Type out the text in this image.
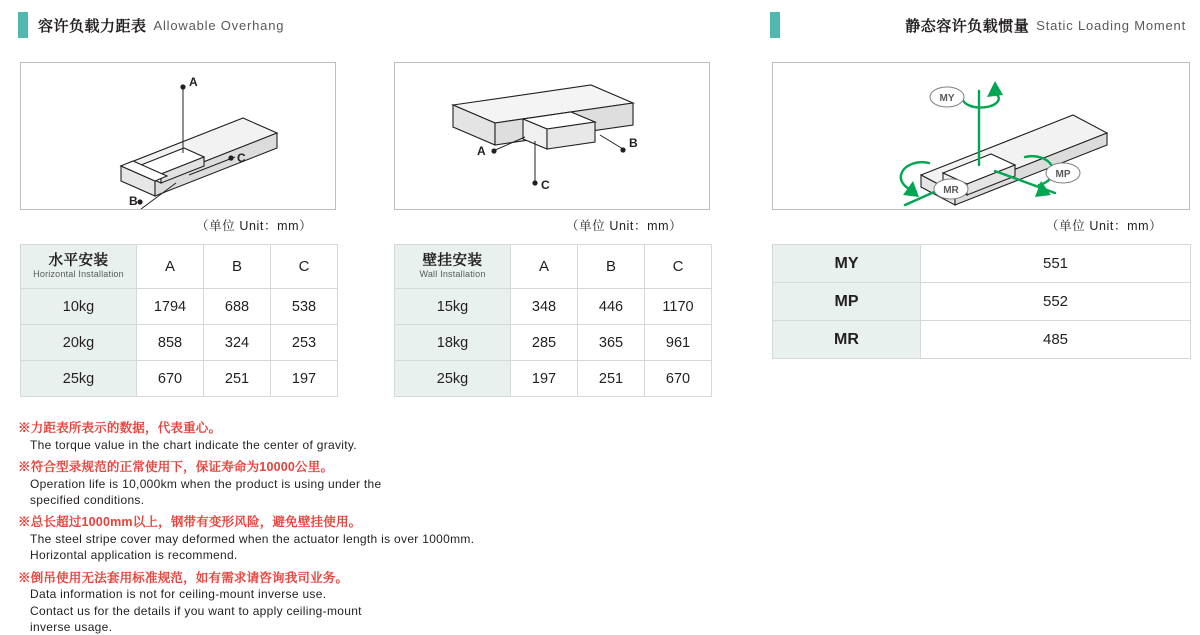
容许负载力距表 Allowable Overhang	静态容许负载惯量 Static Loading Moment
A
B
C
C
A
B
MY
MP
MR
（单位 Unit：mm）	（单位 Unit：mm）	（单位 Unit：mm）
水平安装
Horizontal Installation	A	B	C
10kg	1794	688	538
20kg	858	324	253
25kg	670	251	197
壁挂安装
Wall Installation	A	B	C
15kg	348	446	1170
18kg	285	365	961
25kg	197	251	670
MY	551
MP	552
MR	485
※力距表所表示的数据，代表重心。
The torque value in the chart indicate the center of gravity.
※符合型录规范的正常使用下，保证寿命为10000公里。
Operation life is 10,000km when the product is using under the
specified conditions.
※总长超过1000mm以上，钢带有变形风险，避免壁挂使用。
The steel stripe cover may deformed when the actuator length is over 1000mm.
Horizontal application is recommend.
※倒吊使用无法套用标准规范，如有需求请咨询我司业务。
Data information is not for ceiling-mount inverse use.
Contact us for the details if you want to apply ceiling-mount
inverse usage.
